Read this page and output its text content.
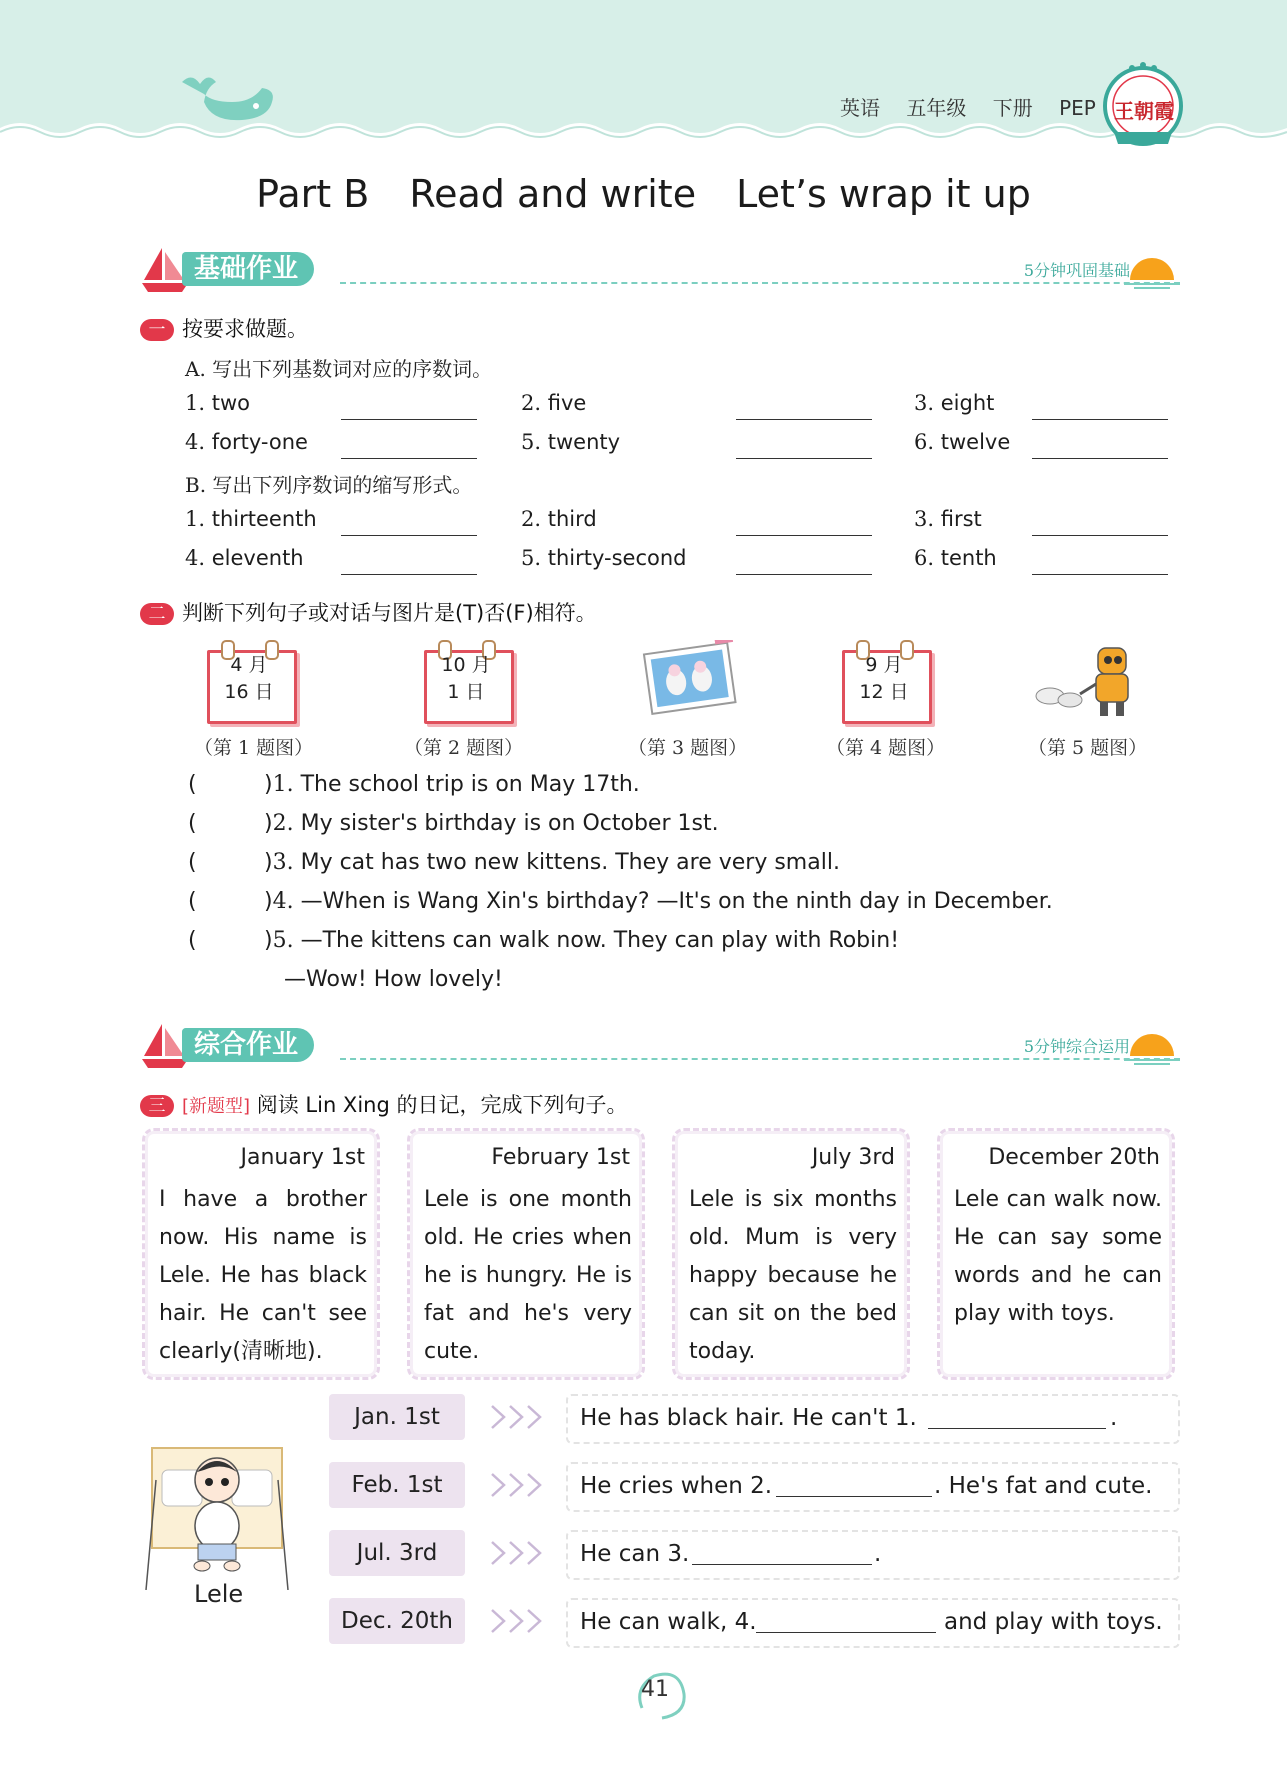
英语 五年级 下册 PEP 王朝霞
Part B Read and write Let’s wrap it up
基础作业	5分钟巩固基础
一 按要求做题。
A. 写出下列基数词对应的序数词。
1. two	2. five	3. eight
4. forty-one	5. twenty	6. twelve
B. 写出下列序数词的缩写形式。
1. thirteenth	2. third	3. first
4. eleventh	5. thirty-second	6. tenth
二 判断下列句子或对话与图片是(T)否(F)相符。
4 月
16 日
10 月
1 日
9 月
12 日
（第 1 题图）	（第 2 题图）	（第 3 题图）	（第 4 题图）	（第 5 题图）
(	)1. The school trip is on May 17th.
(	)2. My sister's birthday is on October 1st.
(	)3. My cat has two new kittens. They are very small.
(	)4. —When is Wang Xin's birthday? —It's on the ninth day in December.
(	)5. —The kittens can walk now. They can play with Robin!
—Wow! How lovely!
综合作业	5分钟综合运用
三 [新题型] 阅读 Lin Xing 的日记，完成下列句子。
January 1st
I have a brother now. His name is Lele. He has black hair. He can't see clearly(清晰地).
February 1st
Lele is one month old. He cries when he is hungry. He is fat and he's very cute.
July 3rd
Lele is six months old. Mum is very happy because he can sit on the bed today.
December 20th
Lele can walk now. He can say some words and he can play with toys.
Lele
Jan. 1st	He has black hair. He can't 1.	.
Feb. 1st	He cries when 2.	. He's fat and cute.
Jul. 3rd	He can 3.	.
Dec. 20th	He can walk, 4.	and play with toys.
41
